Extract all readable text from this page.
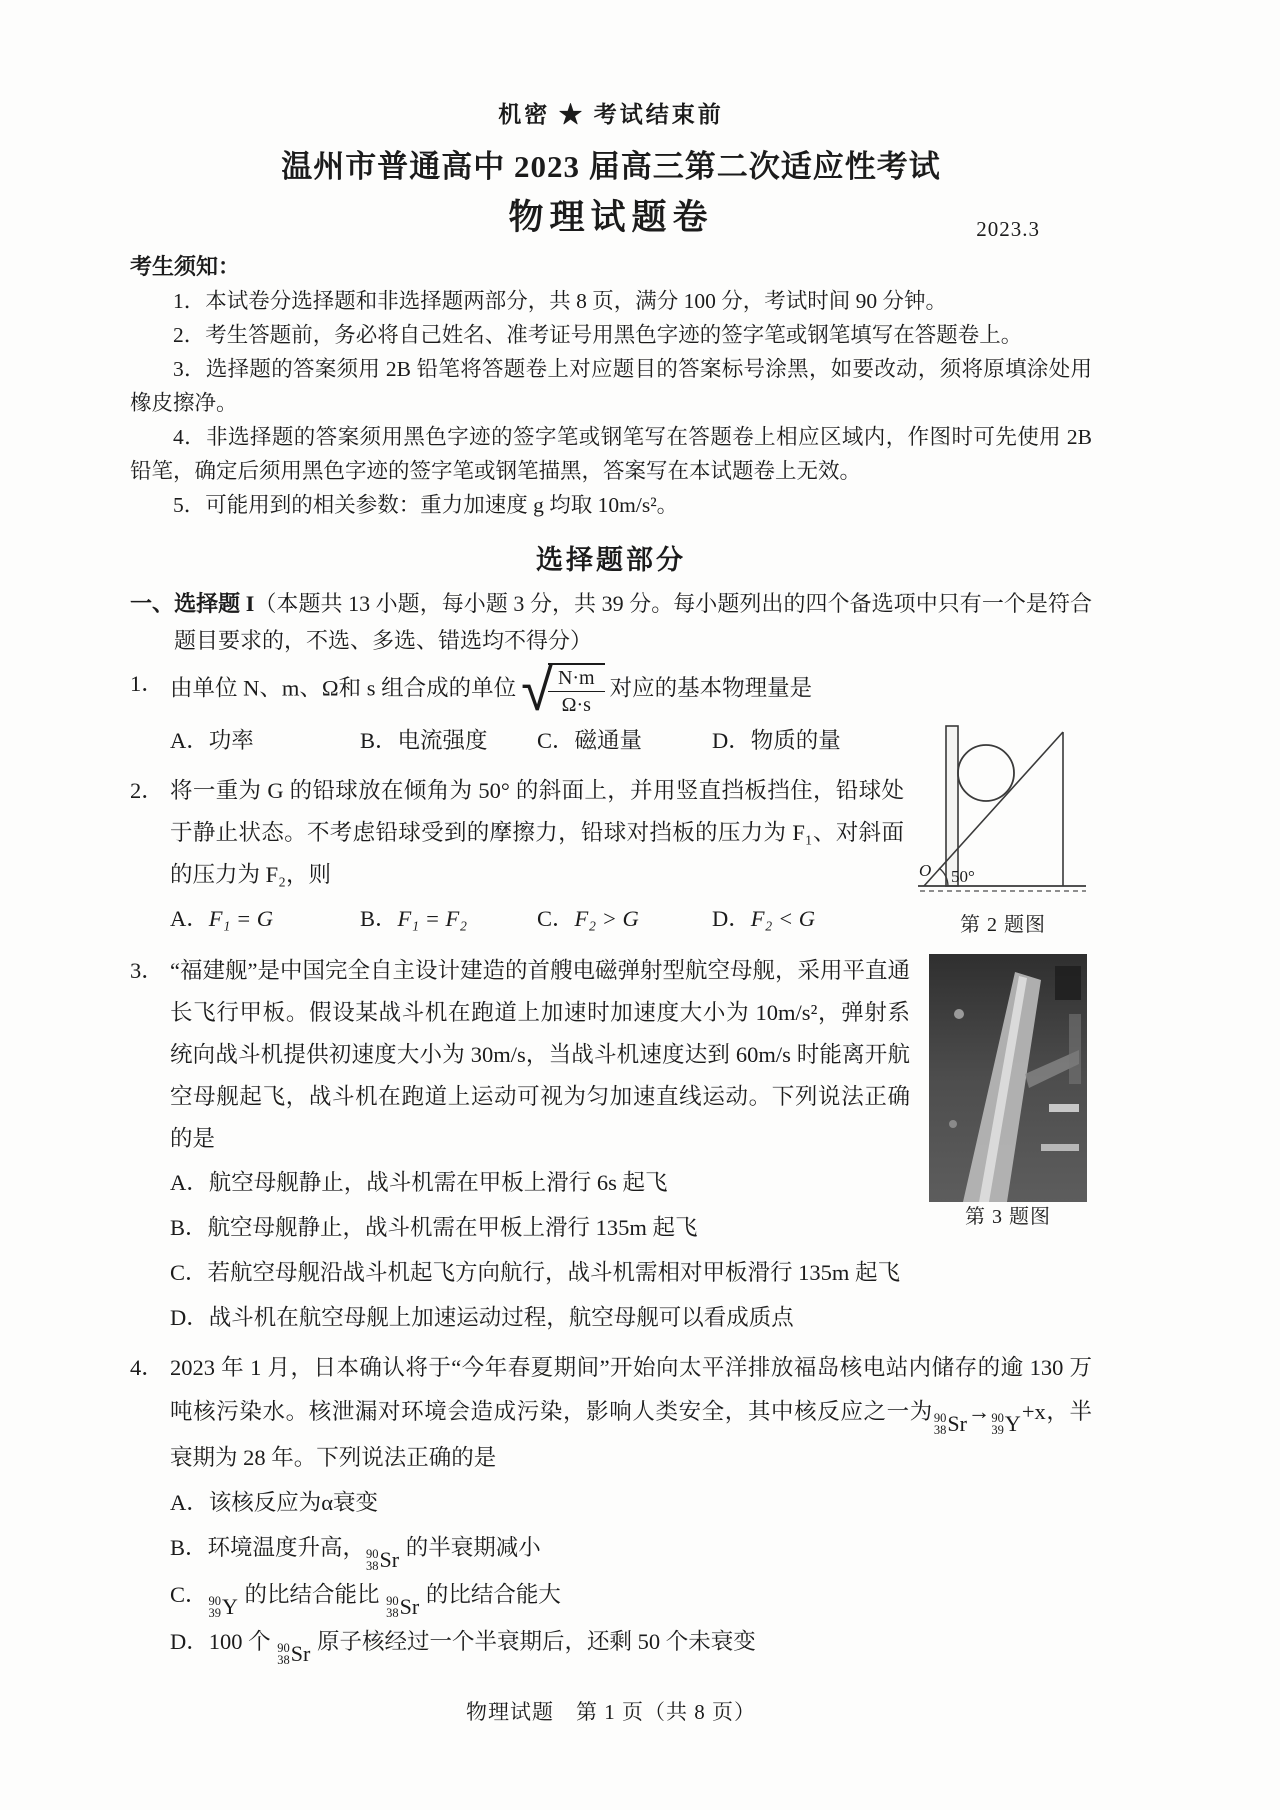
机密 ★ 考试结束前
温州市普通高中 2023 届高三第二次适应性考试
物理试题卷	2023.3
考生须知：

1．本试卷分选择题和非选择题两部分，共 8 页，满分 100 分，考试时间 90 分钟。

2．考生答题前，务必将自己姓名、准考证号用黑色字迹的签字笔或钢笔填写在答题卷上。

3．选择题的答案须用 2B 铅笔将答题卷上对应题目的答案标号涂黑，如要改动，须将原填涂处用橡皮擦净。

4．非选择题的答案须用黑色字迹的签字笔或钢笔写在答题卷上相应区域内，作图时可先使用 2B 铅笔，确定后须用黑色字迹的签字笔或钢笔描黑，答案写在本试题卷上无效。

5．可能用到的相关参数：重力加速度 g 均取 10m/s²。

选择题部分
一、选择题 I（本题共 13 小题，每小题 3 分，共 39 分。每小题列出的四个备选项中只有一个是符合题目要求的，不选、多选、错选均不得分）
1． 由单位 N、m、Ω和 s 组合成的单位 √
$\frac{N\cdot m}{\Omega\cdot s}$ 对应的基本物理量是
A．功率	B．电流强度	C．磁通量	D．物质的量
2．
O 50°
第 2 题图
将一重为 G 的铅球放在倾角为 50° 的斜面上，并用竖直挡板挡住，铅球处于静止状态。不考虑铅球受到的摩擦力，铅球对挡板的压力为 F₁、对斜面的压力为 F₂，则
A．F₁ = G	B．F₁ = F₂	C．F₂ > G	D．F₂ < G
3．
第 3 题图
“福建舰”是中国完全自主设计建造的首艘电磁弹射型航空母舰，采用平直通长飞行甲板。假设某战斗机在跑道上加速时加速度大小为 10m/s²，弹射系统向战斗机提供初速度大小为 30m/s，当战斗机速度达到 60m/s 时能离开航空母舰起飞，战斗机在跑道上运动可视为匀加速直线运动。下列说法正确的是
A．航空母舰静止，战斗机需在甲板上滑行 6s 起飞
B．航空母舰静止，战斗机需在甲板上滑行 135m 起飞
C．若航空母舰沿战斗机起飞方向航行，战斗机需相对甲板滑行 135m 起飞
D．战斗机在航空母舰上加速运动过程，航空母舰可以看成质点
4． 2023 年 1 月，日本确认将于“今年春夏期间”开始向太平洋排放福岛核电站内储存的逾 130 万吨核污染水。核泄漏对环境会造成污染，影响人类安全，其中核反应之一为 90
38 Sr → 90
39 Y +x，半衰期为 28 年。下列说法正确的是
A．该核反应为α衰变
B．环境温度升高， 90
38 Sr 的半衰期减小
C． 90
39 Y 的比结合能比 90
38 Sr 的比结合能大
D．100 个 90
38 Sr 原子核经过一个半衰期后，还剩 50 个未衰变
物理试题　第 1 页（共 8 页）
